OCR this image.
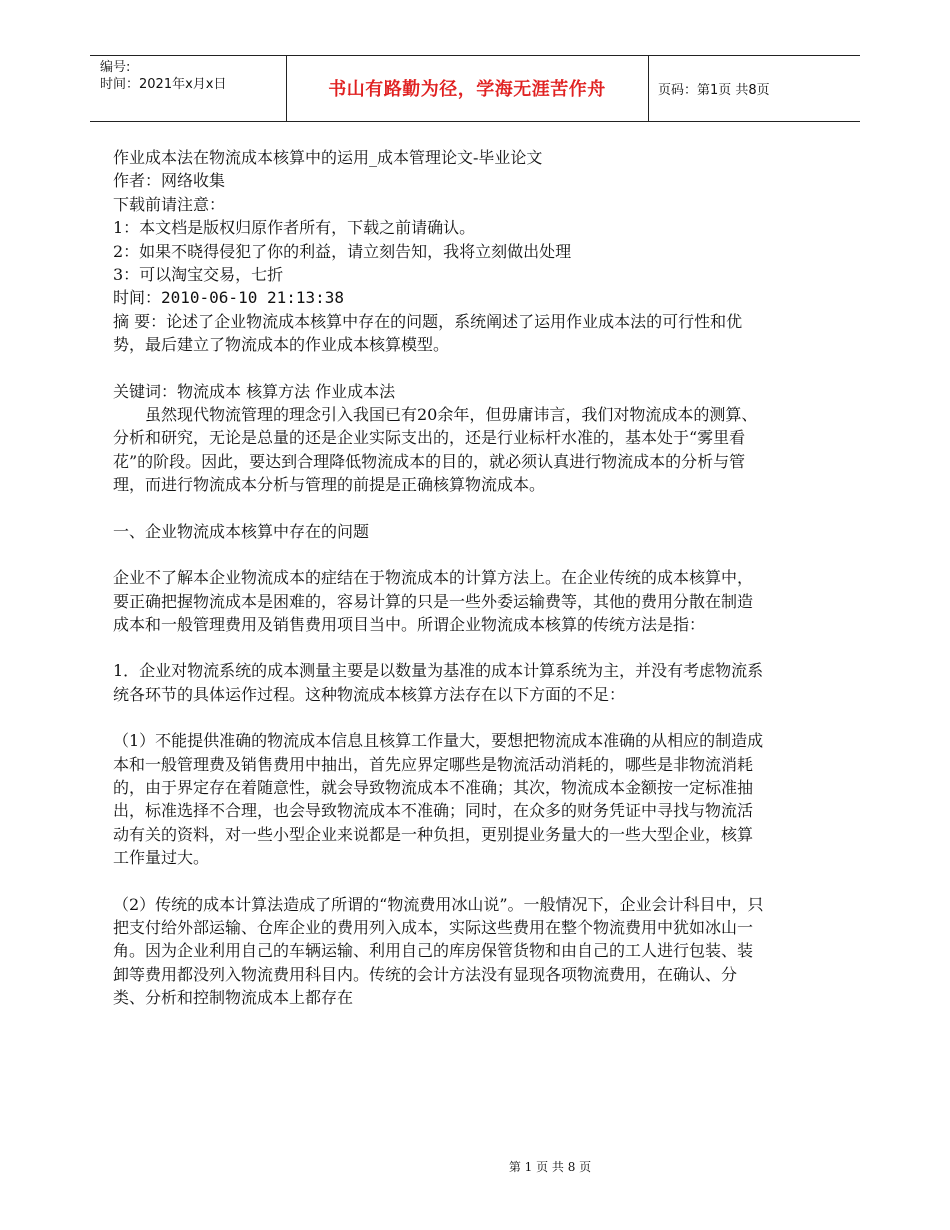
编号:
时间：2021年x月x日	书山有路勤为径，学海无涯苦作舟	页码：第1页 共8页

作业成本法在物流成本核算中的运用_成本管理论文-毕业论文

作者：网络收集

下载前请注意：

1：本文档是版权归原作者所有，下载之前请确认。

2：如果不晓得侵犯了你的利益，请立刻告知，我将立刻做出处理

3：可以淘宝交易，七折

时间：2010-06-10 21:13:38

摘 要：论述了企业物流成本核算中存在的问题，系统阐述了运用作业成本法的可行性和优势，最后建立了物流成本的作业成本核算模型。

关键词：物流成本 核算方法 作业成本法

虽然现代物流管理的理念引入我国已有20余年，但毋庸讳言，我们对物流成本的测算、分析和研究，无论是总量的还是企业实际支出的，还是行业标杆水准的，基本处于“雾里看花”的阶段。因此，要达到合理降低物流成本的目的，就必须认真进行物流成本的分析与管理，而进行物流成本分析与管理的前提是正确核算物流成本。

一、企业物流成本核算中存在的问题

企业不了解本企业物流成本的症结在于物流成本的计算方法上。在企业传统的成本核算中，要正确把握物流成本是困难的，容易计算的只是一些外委运输费等，其他的费用分散在制造成本和一般管理费用及销售费用项目当中。所谓企业物流成本核算的传统方法是指：

1．企业对物流系统的成本测量主要是以数量为基准的成本计算系统为主，并没有考虑物流系统各环节的具体运作过程。这种物流成本核算方法存在以下方面的不足：

（1）不能提供准确的物流成本信息且核算工作量大，要想把物流成本准确的从相应的制造成本和一般管理费及销售费用中抽出，首先应界定哪些是物流活动消耗的，哪些是非物流消耗的，由于界定存在着随意性，就会导致物流成本不准确；其次，物流成本金额按一定标准抽出，标准选择不合理，也会导致物流成本不准确；同时，在众多的财务凭证中寻找与物流活动有关的资料，对一些小型企业来说都是一种负担，更别提业务量大的一些大型企业，核算工作量过大。

（2）传统的成本计算法造成了所谓的“物流费用冰山说”。一般情况下，企业会计科目中，只把支付给外部运输、仓库企业的费用列入成本，实际这些费用在整个物流费用中犹如冰山一角。因为企业利用自己的车辆运输、利用自己的库房保管货物和由自己的工人进行包装、装卸等费用都没列入物流费用科目内。传统的会计方法没有显现各项物流费用，在确认、分类、分析和控制物流成本上都存在

第 1 页 共 8 页
